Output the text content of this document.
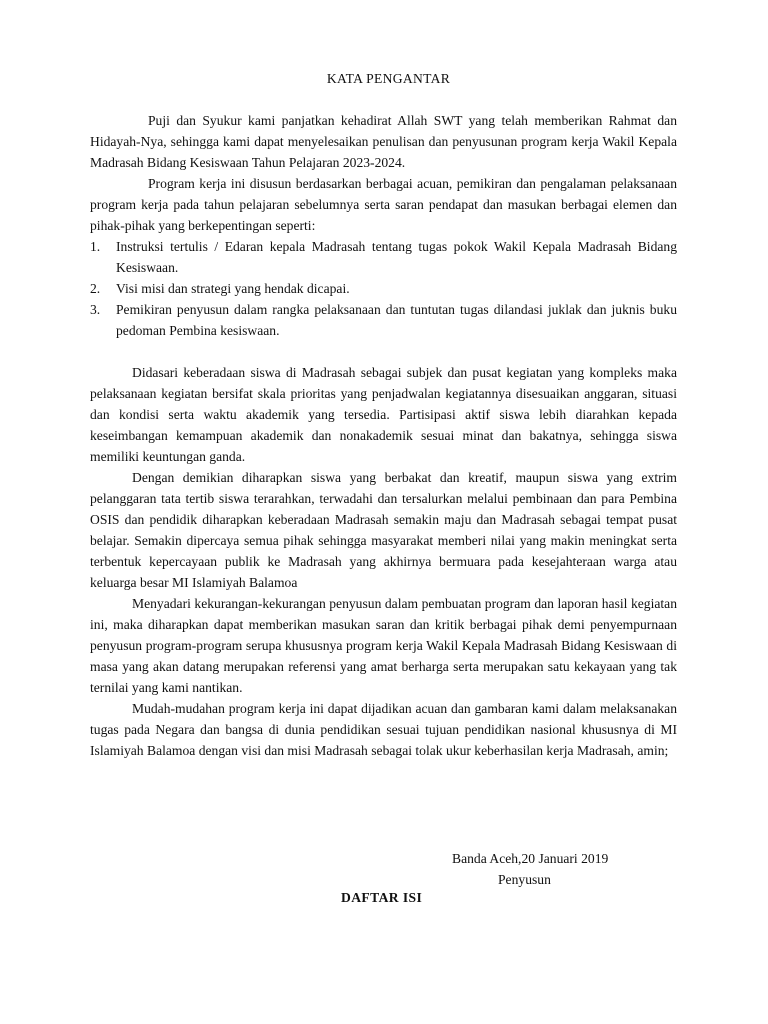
KATA PENGANTAR

Puji dan Syukur kami panjatkan kehadirat Allah SWT yang telah memberikan Rahmat dan Hidayah-Nya, sehingga kami dapat menyelesaikan penulisan dan penyusunan program kerja Wakil Kepala Madrasah Bidang Kesiswaan Tahun Pelajaran 2023-2024.

Program kerja ini disusun berdasarkan berbagai acuan, pemikiran dan pengalaman pelaksanaan program kerja pada tahun pelajaran sebelumnya serta saran pendapat dan masukan berbagai elemen dan pihak-pihak yang berkepentingan seperti:

1. Instruksi tertulis / Edaran kepala Madrasah tentang tugas pokok Wakil Kepala Madrasah Bidang Kesiswaan.
2. Visi misi dan strategi yang hendak dicapai.
3. Pemikiran penyusun dalam rangka pelaksanaan dan tuntutan tugas dilandasi juklak dan juknis buku pedoman Pembina kesiswaan.

Didasari keberadaan siswa di Madrasah sebagai subjek dan pusat kegiatan yang kompleks maka pelaksanaan kegiatan bersifat skala prioritas yang penjadwalan kegiatannya disesuaikan anggaran, situasi dan kondisi serta waktu akademik yang tersedia. Partisipasi aktif siswa lebih diarahkan kepada keseimbangan kemampuan akademik dan nonakademik sesuai minat dan bakatnya, sehingga siswa memiliki keuntungan ganda.

Dengan demikian diharapkan siswa yang berbakat dan kreatif, maupun siswa yang extrim pelanggaran tata tertib siswa terarahkan, terwadahi dan tersalurkan melalui pembinaan dan para Pembina OSIS dan pendidik diharapkan keberadaan Madrasah semakin maju dan Madrasah sebagai tempat pusat belajar. Semakin dipercaya semua pihak sehingga masyarakat memberi nilai yang makin meningkat serta terbentuk kepercayaan publik ke Madrasah yang akhirnya bermuara pada kesejahteraan warga atau keluarga besar MI Islamiyah Balamoa

Menyadari kekurangan-kekurangan penyusun dalam pembuatan program dan laporan hasil kegiatan ini, maka diharapkan dapat memberikan masukan saran dan kritik berbagai pihak demi penyempurnaan penyusun program-program serupa khususnya program kerja Wakil Kepala Madrasah Bidang Kesiswaan di masa yang akan datang merupakan referensi yang amat berharga serta merupakan satu kekayaan yang tak ternilai yang kami nantikan.

Mudah-mudahan program kerja ini dapat dijadikan acuan dan gambaran kami dalam melaksanakan tugas pada Negara dan bangsa di dunia pendidikan sesuai tujuan pendidikan nasional khususnya di MI Islamiyah Balamoa dengan visi dan misi Madrasah sebagai tolak ukur keberhasilan kerja Madrasah, amin;

Banda Aceh,20 Januari 2019
Penyusun
DAFTAR ISI
